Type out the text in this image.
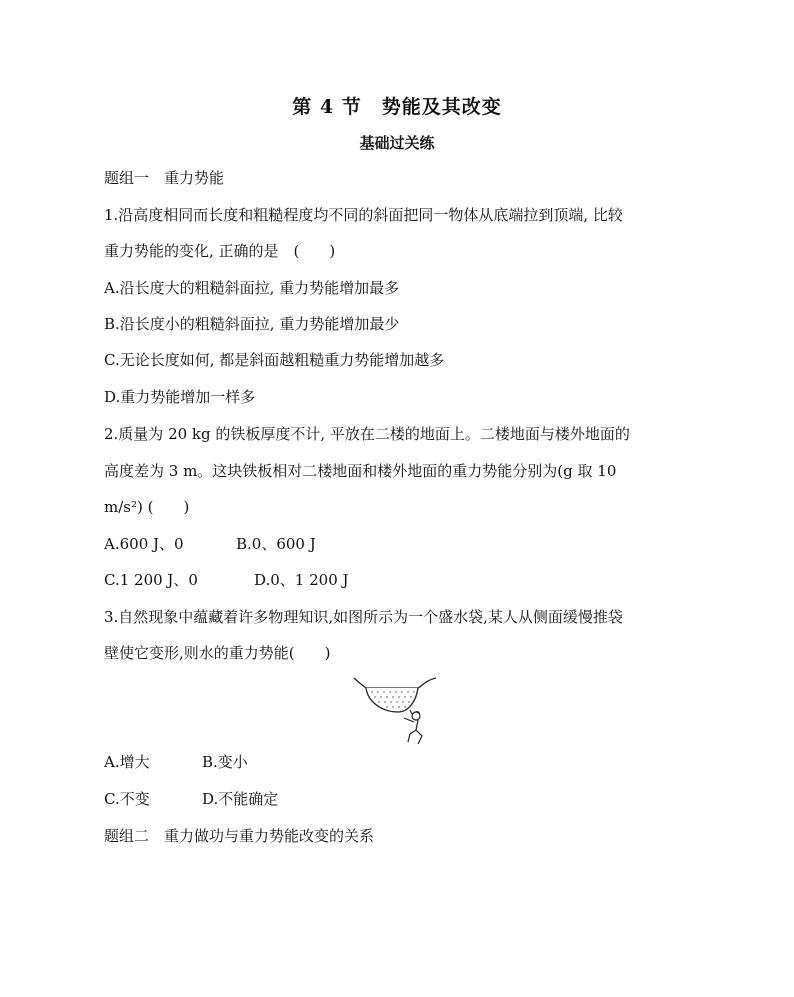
第 4 节　势能及其改变
基础过关练
题组一　重力势能
1.沿高度相同而长度和粗糙程度均不同的斜面把同一物体从底端拉到顶端, 比较
重力势能的变化, 正确的是　(　　)
A.沿长度大的粗糙斜面拉, 重力势能增加最多
B.沿长度小的粗糙斜面拉, 重力势能增加最少
C.无论长度如何, 都是斜面越粗糙重力势能增加越多
D.重力势能增加一样多
2.质量为 20 kg 的铁板厚度不计, 平放在二楼的地面上。二楼地面与楼外地面的
高度差为 3 m。这块铁板相对二楼地面和楼外地面的重力势能分别为(g 取 10
m/s²) (　　)
A.600 J、0	B.0、600 J
C.1 200 J、0	D.0、1 200 J
3.自然现象中蕴藏着许多物理知识,如图所示为一个盛水袋,某人从侧面缓慢推袋
壁使它变形,则水的重力势能(　　)
A.增大	B.变小
C.不变	D.不能确定
题组二　重力做功与重力势能改变的关系
